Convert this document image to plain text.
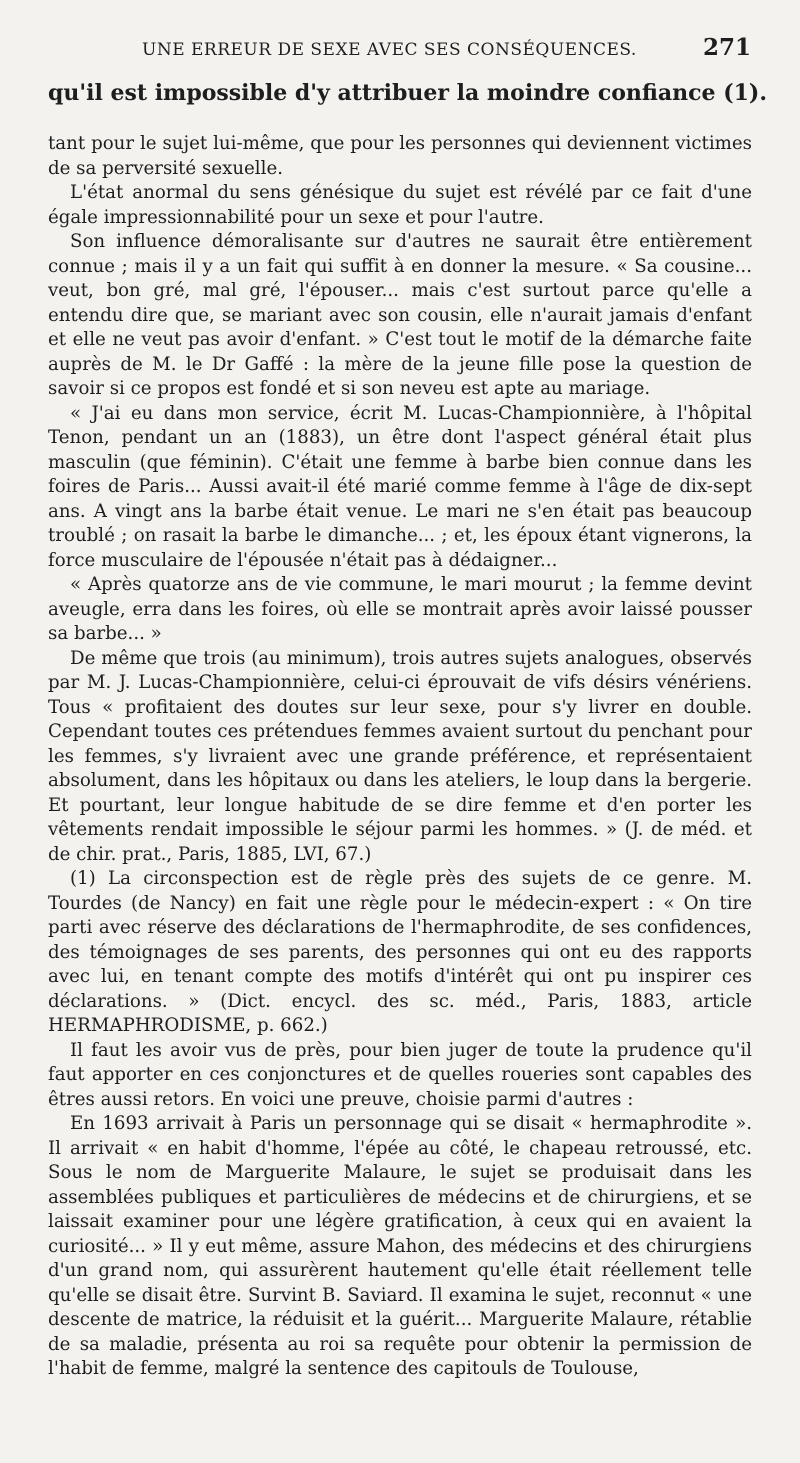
UNE ERREUR DE SEXE AVEC SES CONSÉQUENCES.	271
qu'il est impossible d'y attribuer la moindre confiance (1).

tant pour le sujet lui-même, que pour les personnes qui deviennent victimes de sa perversité sexuelle.

L'état anormal du sens génésique du sujet est révélé par ce fait d'une égale impressionnabilité pour un sexe et pour l'autre.

Son influence démoralisante sur d'autres ne saurait être entièrement connue ; mais il y a un fait qui suffit à en donner la mesure. « Sa cousine... veut, bon gré, mal gré, l'épouser... mais c'est surtout parce qu'elle a entendu dire que, se mariant avec son cousin, elle n'aurait jamais d'enfant et elle ne veut pas avoir d'enfant. » C'est tout le motif de la démarche faite auprès de M. le Dr Gaffé : la mère de la jeune fille pose la question de savoir si ce propos est fondé et si son neveu est apte au mariage.

« J'ai eu dans mon service, écrit M. Lucas-Championnière, à l'hôpital Tenon, pendant un an (1883), un être dont l'aspect général était plus masculin (que féminin). C'était une femme à barbe bien connue dans les foires de Paris... Aussi avait-il été marié comme femme à l'âge de dix-sept ans. A vingt ans la barbe était venue. Le mari ne s'en était pas beaucoup troublé ; on rasait la barbe le dimanche... ; et, les époux étant vignerons, la force musculaire de l'épousée n'était pas à dédaigner...

« Après quatorze ans de vie commune, le mari mourut ; la femme devint aveugle, erra dans les foires, où elle se montrait après avoir laissé pousser sa barbe... »

De même que trois (au minimum), trois autres sujets analogues, observés par M. J. Lucas-Championnière, celui-ci éprouvait de vifs désirs vénériens. Tous « profitaient des doutes sur leur sexe, pour s'y livrer en double. Cependant toutes ces prétendues femmes avaient surtout du penchant pour les femmes, s'y livraient avec une grande préférence, et représentaient absolument, dans les hôpitaux ou dans les ateliers, le loup dans la bergerie. Et pourtant, leur longue habitude de se dire femme et d'en porter les vêtements rendait impossible le séjour parmi les hommes. » (J. de méd. et de chir. prat., Paris, 1885, LVI, 67.)

(1) La circonspection est de règle près des sujets de ce genre. M. Tourdes (de Nancy) en fait une règle pour le médecin-expert : « On tire parti avec réserve des déclarations de l'hermaphrodite, de ses confidences, des témoignages de ses parents, des personnes qui ont eu des rapports avec lui, en tenant compte des motifs d'intérêt qui ont pu inspirer ces déclarations. » (Dict. encycl. des sc. méd., Paris, 1883, article HERMAPHRODISME, p. 662.)

Il faut les avoir vus de près, pour bien juger de toute la prudence qu'il faut apporter en ces conjonctures et de quelles roueries sont capables des êtres aussi retors. En voici une preuve, choisie parmi d'autres :

En 1693 arrivait à Paris un personnage qui se disait « hermaphrodite ». Il arrivait « en habit d'homme, l'épée au côté, le chapeau retroussé, etc. Sous le nom de Marguerite Malaure, le sujet se produisait dans les assemblées publiques et particulières de médecins et de chirurgiens, et se laissait examiner pour une légère gratification, à ceux qui en avaient la curiosité... » Il y eut même, assure Mahon, des médecins et des chirurgiens d'un grand nom, qui assurèrent hautement qu'elle était réellement telle qu'elle se disait être. Survint B. Saviard. Il examina le sujet, reconnut « une descente de matrice, la réduisit et la guérit... Marguerite Malaure, rétablie de sa maladie, présenta au roi sa requête pour obtenir la permission de l'habit de femme, malgré la sentence des capitouls de Toulouse,
